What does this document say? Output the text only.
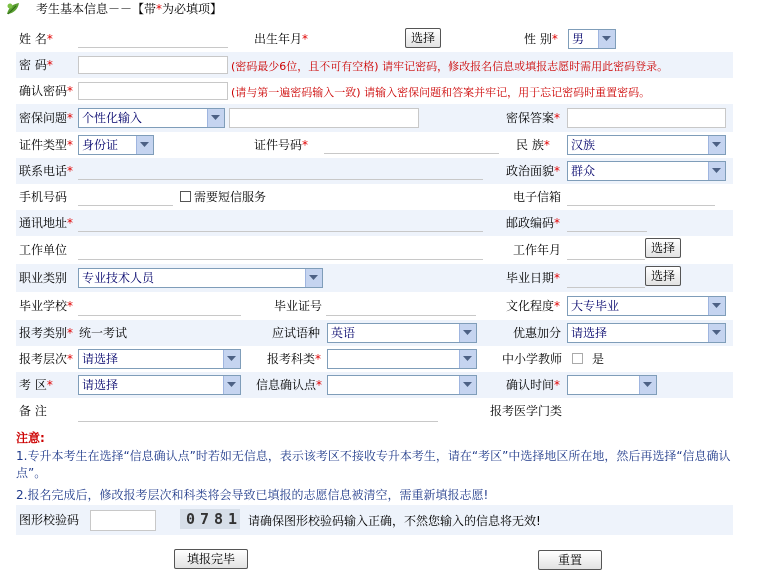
考生基本信息－－【带*为必填项】
姓 名*	出生年月*	选择	性 别*	男
密 码*	(密码最少6位，且不可有空格) 请牢记密码，修改报名信息或填报志愿时需用此密码登录。
确认密码*	(请与第一遍密码输入一致) 请输入密保问题和答案并牢记，用于忘记密码时重置密码。
密保问题* 个性化输入	密保答案*
证件类型* 身份证	证件号码*	民 族*	汉族
联系电话*	政治面貌* 群众
手机号码	需要短信服务	电子信箱
通讯地址*	邮政编码*
工作单位	工作年月	选择
职业类别	专业技术人员	毕业日期*	选择
毕业学校*	毕业证号	文化程度* 大专毕业
报考类别* 统一考试	应试语种 英语	优惠加分 请选择
报考层次* 请选择	报考科类*	中小学教师 是
考 区*	请选择	信息确认点*	确认时间*
备 注	报考医学门类
注意:
1.专升本考生在选择“信息确认点”时若如无信息，表示该考区不接收专升本考生，请在“考区”中选择地区所在地，然后再选择“信息确认点”。
2.报名完成后，修改报考层次和科类将会导致已填报的志愿信息被清空，需重新填报志愿!
图形校验码	请确保图形校验码输入正确，不然您输入的信息将无效!
0 7 8 1
填报完毕	重置
